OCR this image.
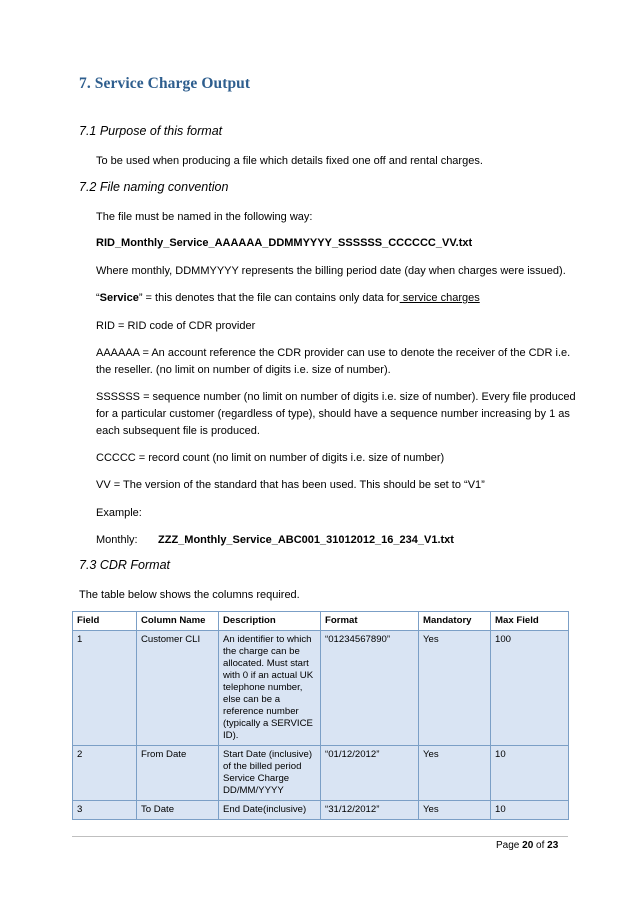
7. Service Charge Output
7.1 Purpose of this format
To be used when producing a file which details fixed one off and rental charges.
7.2 File naming convention
The file must be named in the following way:
RID_Monthly_Service_AAAAAA_DDMMYYYY_SSSSSS_CCCCCC_VV.txt
Where monthly, DDMMYYYY represents the billing period date (day when charges were issued).
“Service” = this denotes that the file can contains only data for service charges
RID = RID code of CDR provider
AAAAAA = An account reference the CDR provider can use to denote the receiver of the CDR i.e.
the reseller. (no limit on number of digits i.e. size of number).
SSSSSS = sequence number (no limit on number of digits i.e. size of number). Every file produced
for a particular customer (regardless of type), should have a sequence number increasing by 1 as
each subsequent file is produced.
CCCCC = record count (no limit on number of digits i.e. size of number)
VV = The version of the standard that has been used. This should be set to “V1”
Example:
Monthly: ZZZ_Monthly_Service_ABC001_31012012_16_234_V1.txt
7.3 CDR Format
The table below shows the columns required.
Field	Column Name	Description	Format	Mandatory	Max Field
1	Customer CLI	An identifier to which the charge can be allocated. Must start with 0 if an actual UK telephone number, else can be a reference number (typically a SERVICE ID).	“01234567890”	Yes	100
2	From Date	Start Date (inclusive) of the billed period Service Charge DD/MM/YYYY	“01/12/2012”	Yes	10
3	To Date	End Date(inclusive)	“31/12/2012”	Yes	10
Page 20 of 23
